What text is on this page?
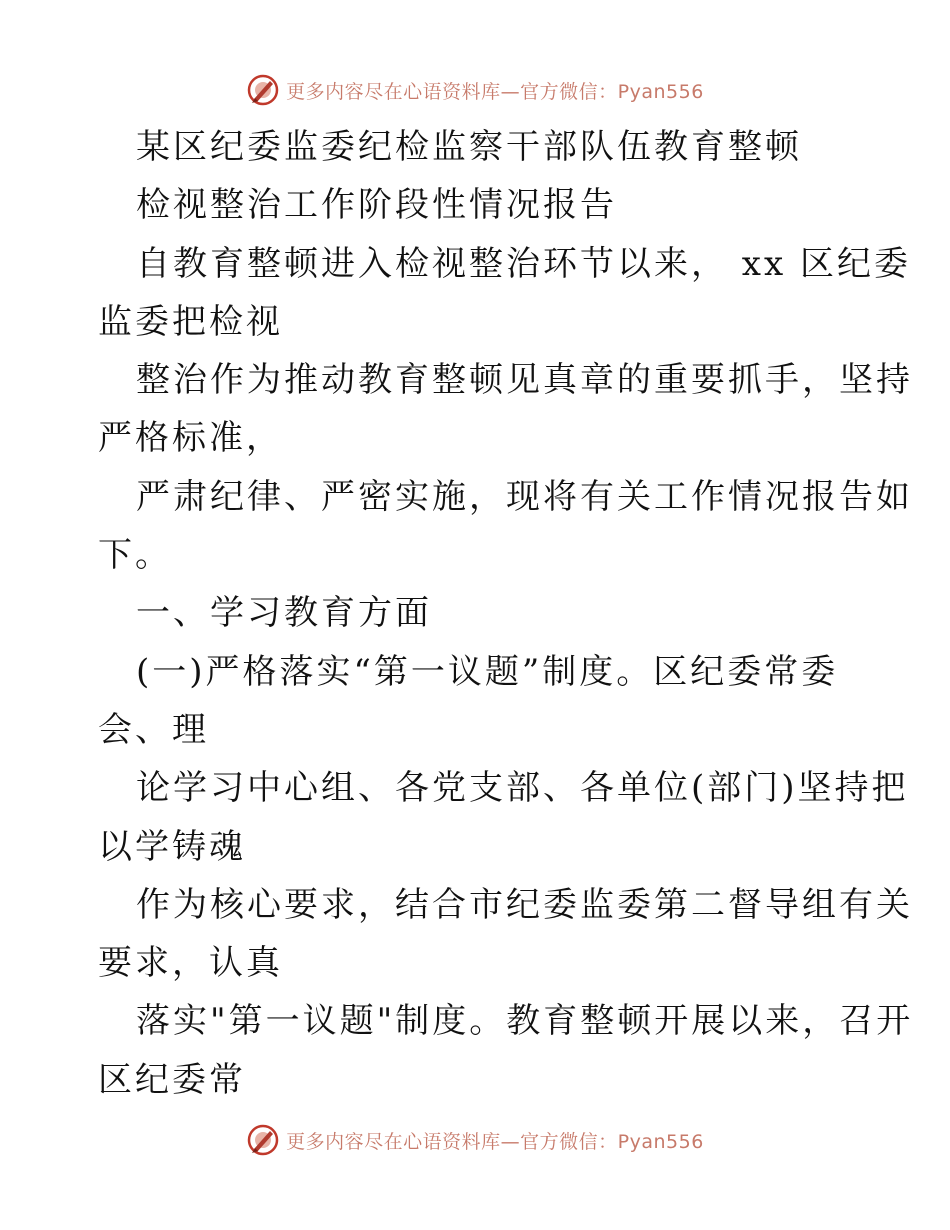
更多内容尽在心语资料库—官方微信：Pyan556
某区纪委监委纪检监察干部队伍教育整顿
检视整治工作阶段性情况报告
自教育整顿进入检视整治环节以来， xx 区纪委
监委把检视
整治作为推动教育整顿见真章的重要抓手，坚持
严格标准，
严肃纪律、严密实施，现将有关工作情况报告如
下。
一、学习教育方面
(一)严格落实“第一议题”制度。区纪委常委
会、理
论学习中心组、各党支部、各单位(部门)坚持把
以学铸魂
作为核心要求，结合市纪委监委第二督导组有关
要求，认真
落实"第一议题"制度。教育整顿开展以来，召开
区纪委常
更多内容尽在心语资料库—官方微信：Pyan556
